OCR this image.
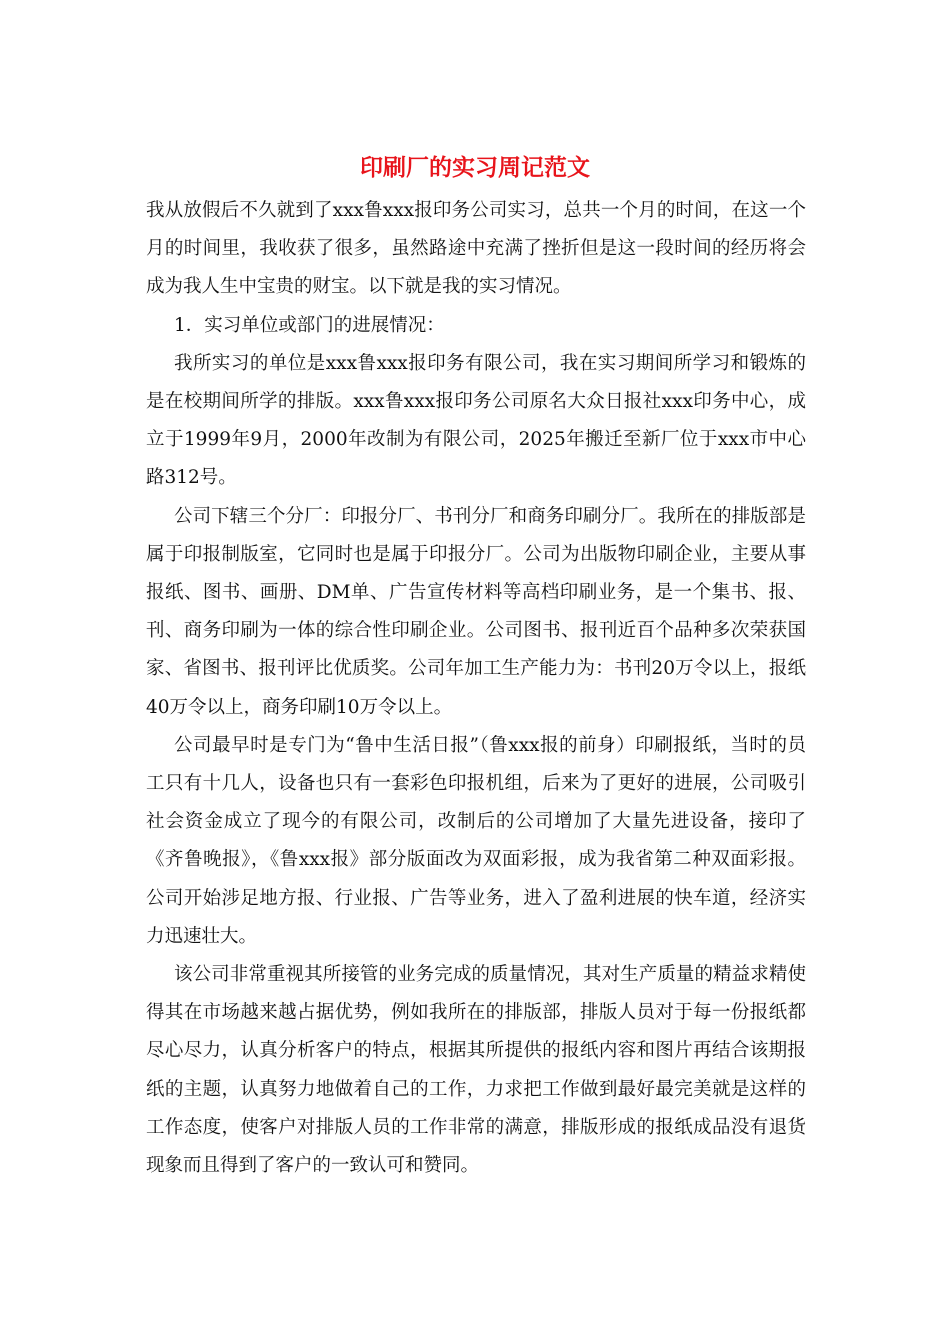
印刷厂的实习周记范文

我从放假后不久就到了xxx鲁xxx报印务公司实习，总共一个月的时间，在这一个月的时间里，我收获了很多，虽然路途中充满了挫折但是这一段时间的经历将会成为我人生中宝贵的财宝。以下就是我的实习情况。

1．实习单位或部门的进展情况：

我所实习的单位是xxx鲁xxx报印务有限公司，我在实习期间所学习和锻炼的是在校期间所学的排版。xxx鲁xxx报印务公司原名大众日报社xxx印务中心，成立于1999年9月，2000年改制为有限公司，2025年搬迁至新厂位于xxx市中心路312号。

公司下辖三个分厂：印报分厂、书刊分厂和商务印刷分厂。我所在的排版部是属于印报制版室，它同时也是属于印报分厂。公司为出版物印刷企业，主要从事报纸、图书、画册、DM单、广告宣传材料等高档印刷业务，是一个集书、报、刊、商务印刷为一体的综合性印刷企业。公司图书、报刊近百个品种多次荣获国家、省图书、报刊评比优质奖。公司年加工生产能力为：书刊20万令以上，报纸40万令以上，商务印刷10万令以上。

公司最早时是专门为“鲁中生活日报”（鲁xxx报的前身）印刷报纸，当时的员工只有十几人，设备也只有一套彩色印报机组，后来为了更好的进展，公司吸引社会资金成立了现今的有限公司，改制后的公司增加了大量先进设备，接印了《齐鲁晚报》，《鲁xxx报》部分版面改为双面彩报，成为我省第二种双面彩报。公司开始涉足地方报、行业报、广告等业务，进入了盈利进展的快车道，经济实力迅速壮大。

该公司非常重视其所接管的业务完成的质量情况，其对生产质量的精益求精使得其在市场越来越占据优势，例如我所在的排版部，排版人员对于每一份报纸都尽心尽力，认真分析客户的特点，根据其所提供的报纸内容和图片再结合该期报纸的主题，认真努力地做着自己的工作，力求把工作做到最好最完美就是这样的工作态度，使客户对排版人员的工作非常的满意，排版形成的报纸成品没有退货现象而且得到了客户的一致认可和赞同。
